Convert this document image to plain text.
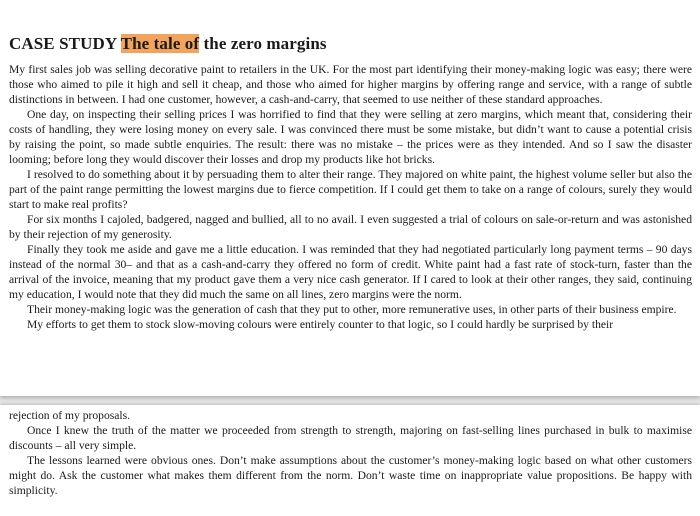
CASE STUDY The tale of the zero margins

My first sales job was selling decorative paint to retailers in the UK. For the most part identifying their money-making logic was easy; there were those who aimed to pile it high and sell it cheap, and those who aimed for higher margins by offering range and service, with a range of subtle distinctions in between. I had one customer, however, a cash-and-carry, that seemed to use neither of these standard approaches.

One day, on inspecting their selling prices I was horrified to find that they were selling at zero margins, which meant that, considering their costs of handling, they were losing money on every sale. I was convinced there must be some mistake, but didn’t want to cause a potential crisis by raising the point, so made subtle enquiries. The result: there was no mistake – the prices were as they intended. And so I saw the disaster looming; before long they would discover their losses and drop my products like hot bricks.

I resolved to do something about it by persuading them to alter their range. They majored on white paint, the highest volume seller but also the part of the paint range permitting the lowest margins due to fierce competition. If I could get them to take on a range of colours, surely they would start to make real profits?

For six months I cajoled, badgered, nagged and bullied, all to no avail. I even suggested a trial of colours on sale-or-return and was astonished by their rejection of my generosity.

Finally they took me aside and gave me a little education. I was reminded that they had negotiated particularly long payment terms – 90 days instead of the normal 30– and that as a cash-and-carry they offered no form of credit. White paint had a fast rate of stock-turn, faster than the arrival of the invoice, meaning that my product gave them a very nice cash generator. If I cared to look at their other ranges, they said, continuing my education, I would note that they did much the same on all lines, zero margins were the norm.

Their money-making logic was the generation of cash that they put to other, more remunerative uses, in other parts of their business empire.

My efforts to get them to stock slow-moving colours were entirely counter to that logic, so I could hardly be surprised by their

rejection of my proposals.

Once I knew the truth of the matter we proceeded from strength to strength, majoring on fast-selling lines purchased in bulk to maximise discounts – all very simple.

The lessons learned were obvious ones. Don’t make assumptions about the customer’s money-making logic based on what other customers might do. Ask the customer what makes them different from the norm. Don’t waste time on inappropriate value propositions. Be happy with simplicity.
